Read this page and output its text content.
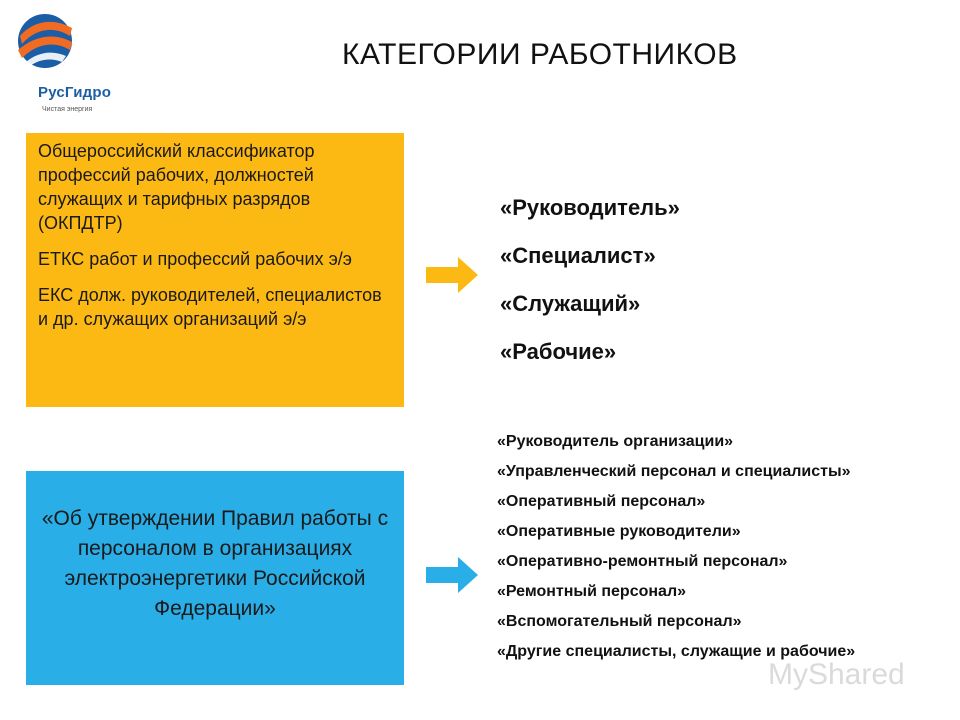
РусГидро
Чистая энергия
КАТЕГОРИИ РАБОТНИКОВ

Общероссийский классификатор профессий рабочих, должностей служащих и тарифных разрядов (ОКПДТР)

ЕТКС работ и профессий рабочих э/э

ЕКС долж. руководителей, специалистов и др. служащих организаций э/э

«Об утверждении Правил работы с персоналом в организациях электроэнергетики Российской Федерации»

«Руководитель»
«Специалист»
«Служащий»
«Рабочие»
«Руководитель организации»
«Управленческий персонал и специалисты»
«Оперативный персонал»
«Оперативные руководители»
«Оперативно-ремонтный персонал»
«Ремонтный персонал»
«Вспомогательный персонал»
«Другие специалисты, служащие и рабочие»
MyShared
